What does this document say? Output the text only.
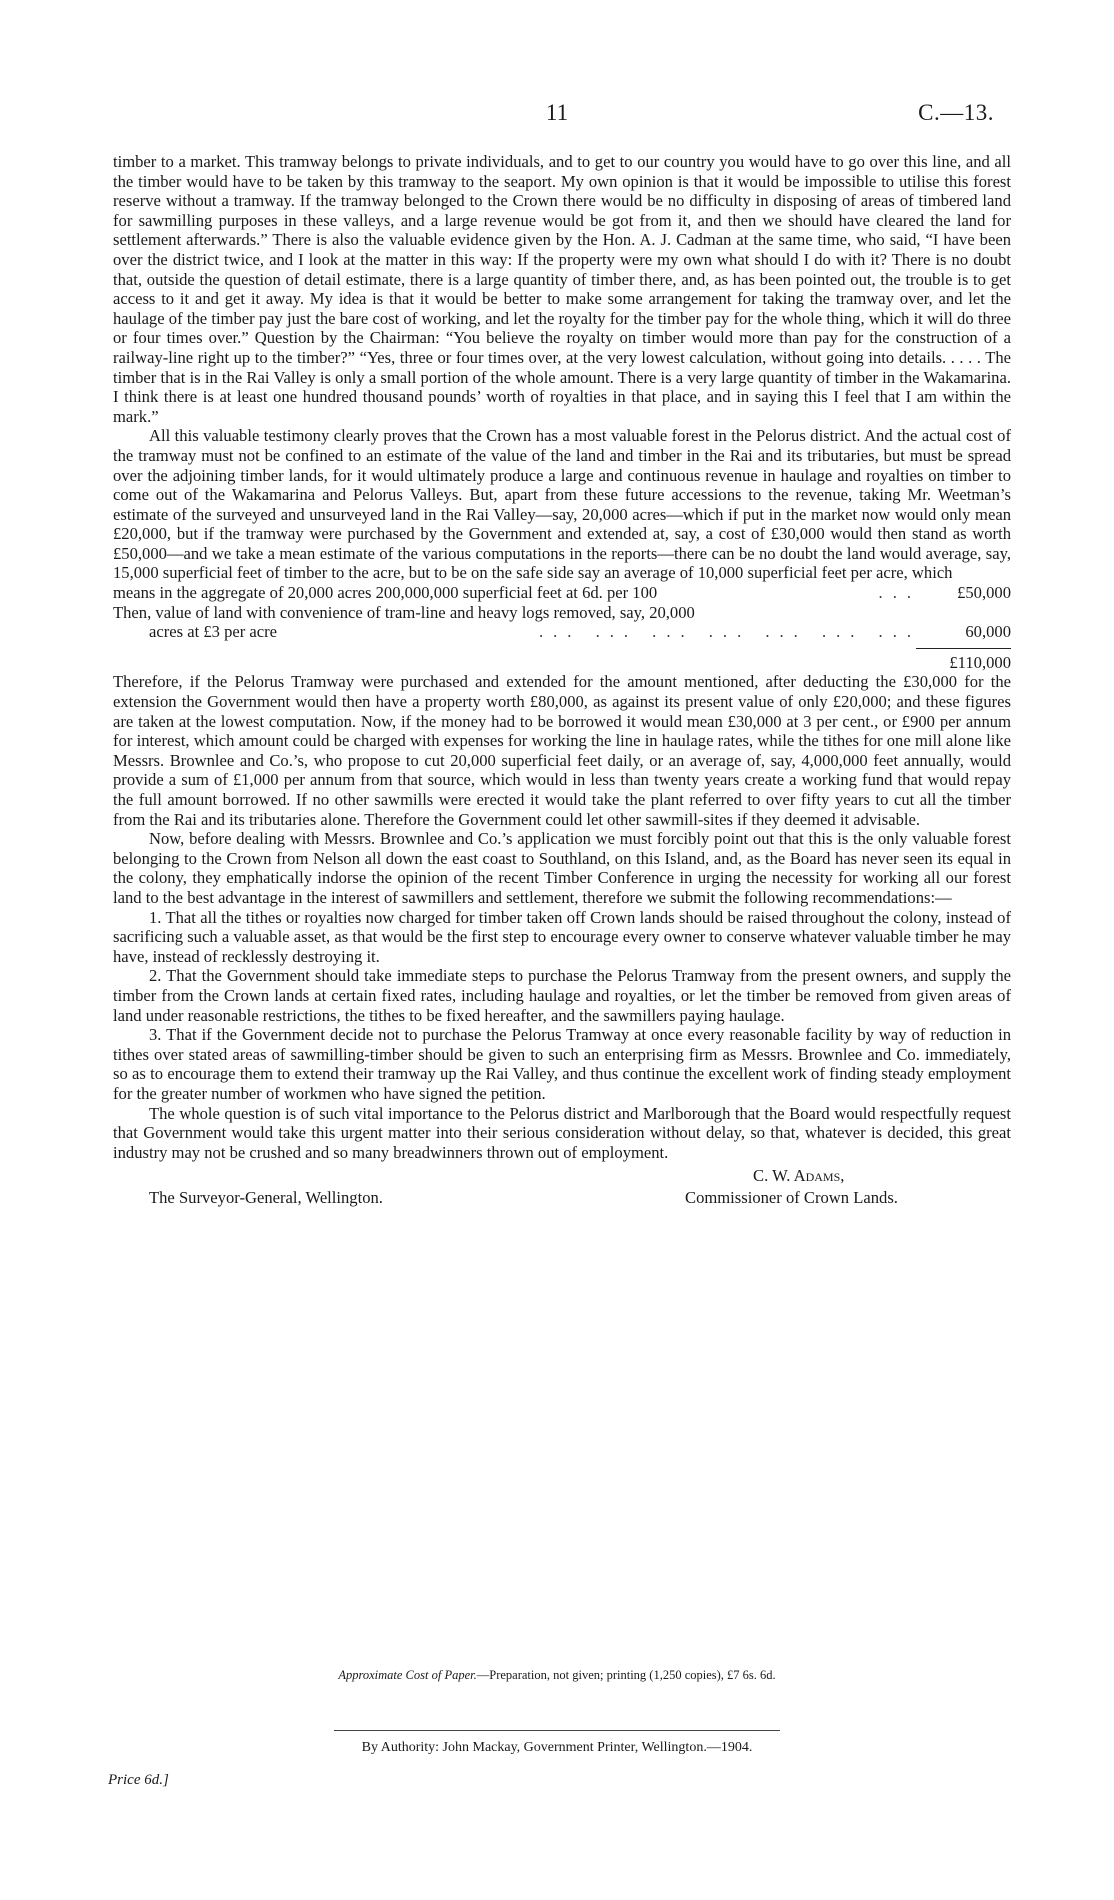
11	C.—13.

timber to a market. This tramway belongs to private individuals, and to get to our country you would have to go over this line, and all the timber would have to be taken by this tramway to the seaport. My own opinion is that it would be impossible to utilise this forest reserve without a tramway. If the tramway belonged to the Crown there would be no difficulty in disposing of areas of timbered land for sawmilling purposes in these valleys, and a large revenue would be got from it, and then we should have cleared the land for settlement afterwards.” There is also the valuable evidence given by the Hon. A. J. Cadman at the same time, who said, “I have been over the district twice, and I look at the matter in this way: If the property were my own what should I do with it? There is no doubt that, outside the question of detail estimate, there is a large quantity of timber there, and, as has been pointed out, the trouble is to get access to it and get it away. My idea is that it would be better to make some arrangement for taking the tramway over, and let the haulage of the timber pay just the bare cost of working, and let the royalty for the timber pay for the whole thing, which it will do three or four times over.” Question by the Chairman: “You believe the royalty on timber would more than pay for the construction of a railway-line right up to the timber?” “Yes, three or four times over, at the very lowest calculation, without going into details. . . . . The timber that is in the Rai Valley is only a small portion of the whole amount. There is a very large quantity of timber in the Wakamarina. I think there is at least one hundred thousand pounds’ worth of royalties in that place, and in saying this I feel that I am within the mark.”

All this valuable testimony clearly proves that the Crown has a most valuable forest in the Pelorus district. And the actual cost of the tramway must not be confined to an estimate of the value of the land and timber in the Rai and its tributaries, but must be spread over the adjoining timber lands, for it would ultimately produce a large and continuous revenue in haulage and royalties on timber to come out of the Wakamarina and Pelorus Valleys. But, apart from these future accessions to the revenue, taking Mr. Weetman’s estimate of the surveyed and unsurveyed land in the Rai Valley—say, 20,000 acres—which if put in the market now would only mean £20,000, but if the tramway were purchased by the Government and extended at, say, a cost of £30,000 would then stand as worth £50,000—and we take a mean estimate of the various computations in the reports—there can be no doubt the land would average, say, 15,000 superficial feet of timber to the acre, but to be on the safe side say an average of 10,000 superficial feet per acre, which

means in the aggregate of 20,000 acres 200,000,000 superficial feet at 6d. per 100	...	£50,000
Then, value of land with convenience of tram-line and heavy logs removed, say, 20,000
acres at £3 per acre	... ... ... ... ... ... ...	60,000
£110,000

Therefore, if the Pelorus Tramway were purchased and extended for the amount mentioned, after deducting the £30,000 for the extension the Government would then have a property worth £80,000, as against its present value of only £20,000; and these figures are taken at the lowest computation. Now, if the money had to be borrowed it would mean £30,000 at 3 per cent., or £900 per annum for interest, which amount could be charged with expenses for working the line in haulage rates, while the tithes for one mill alone like Messrs. Brownlee and Co.’s, who propose to cut 20,000 superficial feet daily, or an average of, say, 4,000,000 feet annually, would provide a sum of £1,000 per annum from that source, which would in less than twenty years create a working fund that would repay the full amount borrowed. If no other sawmills were erected it would take the plant referred to over fifty years to cut all the timber from the Rai and its tributaries alone. Therefore the Government could let other sawmill-sites if they deemed it advisable.

Now, before dealing with Messrs. Brownlee and Co.’s application we must forcibly point out that this is the only valuable forest belonging to the Crown from Nelson all down the east coast to Southland, on this Island, and, as the Board has never seen its equal in the colony, they emphatically indorse the opinion of the recent Timber Conference in urging the necessity for working all our forest land to the best advantage in the interest of sawmillers and settlement, therefore we submit the following recommendations:—

1. That all the tithes or royalties now charged for timber taken off Crown lands should be raised throughout the colony, instead of sacrificing such a valuable asset, as that would be the first step to encourage every owner to conserve whatever valuable timber he may have, instead of recklessly destroying it.

2. That the Government should take immediate steps to purchase the Pelorus Tramway from the present owners, and supply the timber from the Crown lands at certain fixed rates, including haulage and royalties, or let the timber be removed from given areas of land under reasonable restrictions, the tithes to be fixed hereafter, and the sawmillers paying haulage.

3. That if the Government decide not to purchase the Pelorus Tramway at once every reasonable facility by way of reduction in tithes over stated areas of sawmilling-timber should be given to such an enterprising firm as Messrs. Brownlee and Co. immediately, so as to encourage them to extend their tramway up the Rai Valley, and thus continue the excellent work of finding steady employment for the greater number of workmen who have signed the petition.

The whole question is of such vital importance to the Pelorus district and Marlborough that the Board would respectfully request that Government would take this urgent matter into their serious consideration without delay, so that, whatever is decided, this great industry may not be crushed and so many breadwinners thrown out of employment.

C. W. Adams,
The Surveyor-General, Wellington.	Commissioner of Crown Lands.
Approximate Cost of Paper.—Preparation, not given; printing (1,250 copies), £7 6s. 6d.
By Authority: John Mackay, Government Printer, Wellington.—1904.
Price 6d.]
